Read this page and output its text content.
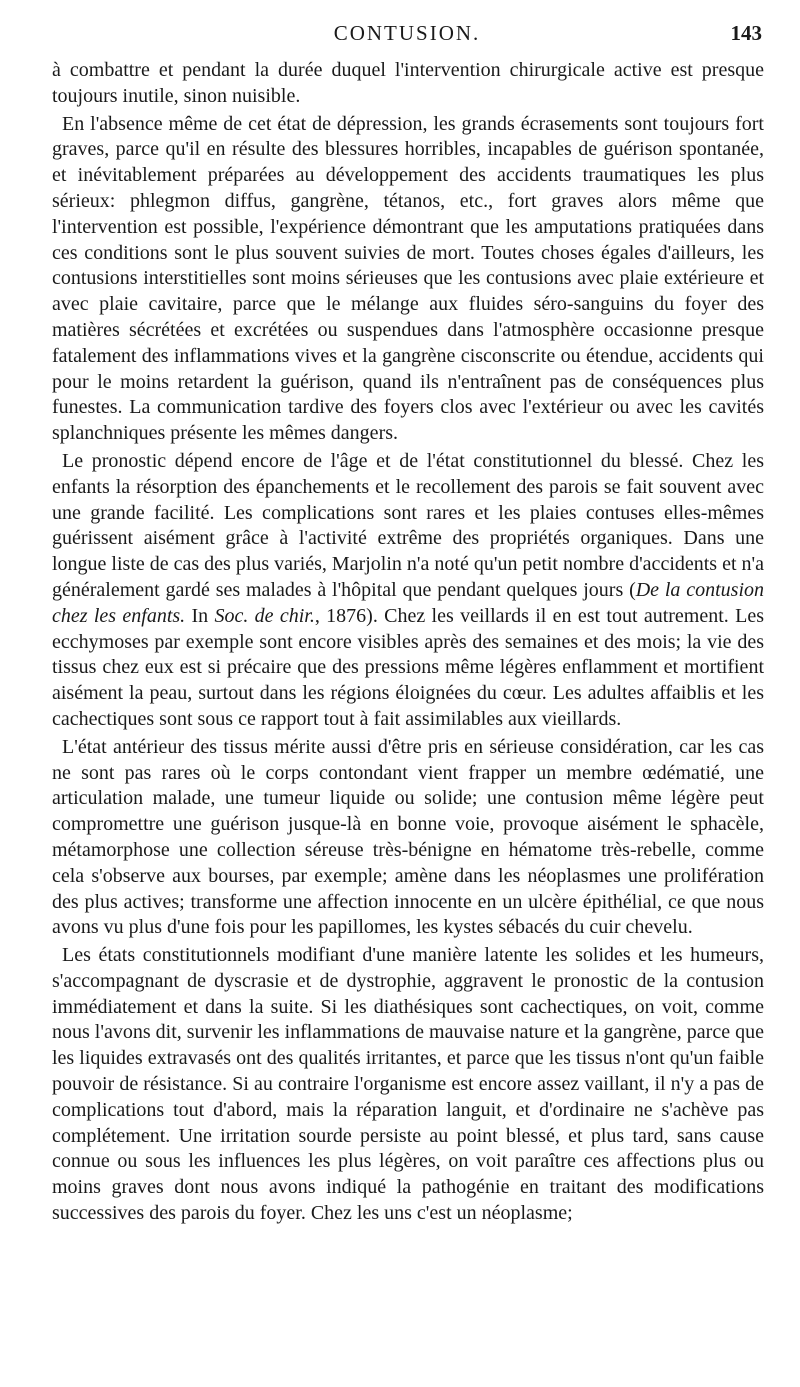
CONTUSION.	143

à combattre et pendant la durée duquel l'intervention chirurgicale active est presque toujours inutile, sinon nuisible.

En l'absence même de cet état de dépression, les grands écrasements sont toujours fort graves, parce qu'il en résulte des blessures horribles, incapables de guérison spontanée, et inévitablement préparées au développement des accidents traumatiques les plus sérieux: phlegmon diffus, gangrène, tétanos, etc., fort graves alors même que l'intervention est possible, l'expérience démontrant que les amputations pratiquées dans ces conditions sont le plus souvent suivies de mort. Toutes choses égales d'ailleurs, les contusions interstitielles sont moins sérieuses que les contusions avec plaie extérieure et avec plaie cavitaire, parce que le mélange aux fluides séro-sanguins du foyer des matières sécrétées et excrétées ou suspendues dans l'atmosphère occasionne presque fatalement des inflammations vives et la gangrène cisconscrite ou étendue, accidents qui pour le moins retardent la guérison, quand ils n'entraînent pas de conséquences plus funestes. La communication tardive des foyers clos avec l'extérieur ou avec les cavités splanchniques présente les mêmes dangers.

Le pronostic dépend encore de l'âge et de l'état constitutionnel du blessé. Chez les enfants la résorption des épanchements et le recollement des parois se fait souvent avec une grande facilité. Les complications sont rares et les plaies contuses elles-mêmes guérissent aisément grâce à l'activité extrême des propriétés organiques. Dans une longue liste de cas des plus variés, Marjolin n'a noté qu'un petit nombre d'accidents et n'a généralement gardé ses malades à l'hôpital que pendant quelques jours (De la contusion chez les enfants. In Soc. de chir., 1876). Chez les veillards il en est tout autrement. Les ecchymoses par exemple sont encore visibles après des semaines et des mois; la vie des tissus chez eux est si précaire que des pressions même légères enflamment et mortifient aisément la peau, surtout dans les régions éloignées du cœur. Les adultes affaiblis et les cachectiques sont sous ce rapport tout à fait assimilables aux vieillards.

L'état antérieur des tissus mérite aussi d'être pris en sérieuse considération, car les cas ne sont pas rares où le corps contondant vient frapper un membre œdématié, une articulation malade, une tumeur liquide ou solide; une contusion même légère peut compromettre une guérison jusque-là en bonne voie, provoque aisément le sphacèle, métamorphose une collection séreuse très-bénigne en hématome très-rebelle, comme cela s'observe aux bourses, par exemple; amène dans les néoplasmes une prolifération des plus actives; transforme une affection innocente en un ulcère épithélial, ce que nous avons vu plus d'une fois pour les papillomes, les kystes sébacés du cuir chevelu.

Les états constitutionnels modifiant d'une manière latente les solides et les humeurs, s'accompagnant de dyscrasie et de dystrophie, aggravent le pronostic de la contusion immédiatement et dans la suite. Si les diathésiques sont cachectiques, on voit, comme nous l'avons dit, survenir les inflammations de mauvaise nature et la gangrène, parce que les liquides extravasés ont des qualités irritantes, et parce que les tissus n'ont qu'un faible pouvoir de résistance. Si au contraire l'organisme est encore assez vaillant, il n'y a pas de complications tout d'abord, mais la réparation languit, et d'ordinaire ne s'achève pas complétement. Une irritation sourde persiste au point blessé, et plus tard, sans cause connue ou sous les influences les plus légères, on voit paraître ces affections plus ou moins graves dont nous avons indiqué la pathogénie en traitant des modifications successives des parois du foyer. Chez les uns c'est un néoplasme;
